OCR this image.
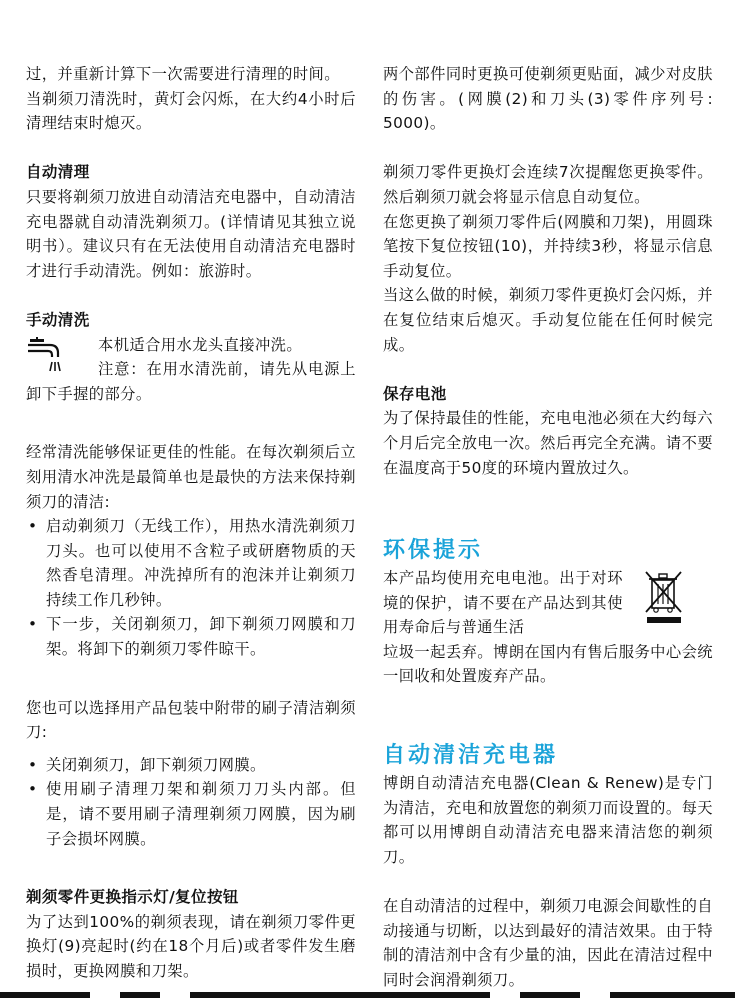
过，并重新计算下一次需要进行清理的时间。

当剃须刀清洗时，黄灯会闪烁，在大约4小时后清理结束时熄灭。

自动清理

只要将剃须刀放进自动清洁充电器中，自动清洁充电器就自动清洗剃须刀。(详情请见其独立说明书）。建议只有在无法使用自动清洁充电器时才进行手动清洗。例如：旅游时。

手动清洗

本机适合用水龙头直接冲洗。

注意：在用水清洗前，请先从电源上卸下手握的部分。

经常清洗能够保证更佳的性能。在每次剃须后立刻用清水冲洗是最简单也是最快的方法来保持剃须刀的清洁:

• 启动剃须刀（无线工作），用热水清洗剃须刀刀头。也可以使用不含粒子或研磨物质的天然香皂清理。冲洗掉所有的泡沫并让剃须刀持续工作几秒钟。
• 下一步，关闭剃须刀，卸下剃须刀网膜和刀架。将卸下的剃须刀零件晾干。

您也可以选择用产品包装中附带的刷子清洁剃须刀:

• 关闭剃须刀，卸下剃须刀网膜。
• 使用刷子清理刀架和剃须刀刀头内部。但是，请不要用刷子清理剃须刀网膜，因为刷子会损坏网膜。
剃须零件更换指示灯/复位按钮

为了达到100%的剃须表现，请在剃须刀零件更换灯(9)亮起时(约在18个月后)或者零件发生磨损时，更换网膜和刀架。

两个部件同时更换可使剃须更贴面，减少对皮肤的伤害。(网膜(2)和刀头(3)零件序列号: 5000)。

剃须刀零件更换灯会连续7次提醒您更换零件。然后剃须刀就会将显示信息自动复位。

在您更换了剃须刀零件后(网膜和刀架)，用圆珠笔按下复位按钮(10)，并持续3秒，将显示信息手动复位。

当这么做的时候，剃须刀零件更换灯会闪烁，并在复位结束后熄灭。手动复位能在任何时候完成。

保存电池

为了保持最佳的性能，充电电池必须在大约每六个月后完全放电一次。然后再完全充满。请不要在温度高于50度的环境内置放过久。

环保提示

本产品均使用充电电池。出于对环境的保护，请不要在产品达到其使用寿命后与普通生活

垃圾一起丢弃。博朗在国内有售后服务中心会统一回收和处置废弃产品。

自动清洁充电器

博朗自动清洁充电器(Clean & Renew)是专门为清洁，充电和放置您的剃须刀而设置的。每天都可以用博朗自动清洁充电器来清洁您的剃须刀。

在自动清洁的过程中，剃须刀电源会间歇性的自动接通与切断，以达到最好的清洁效果。由于特制的清洁剂中含有少量的油，因此在清洁过程中同时会润滑剃须刀。
